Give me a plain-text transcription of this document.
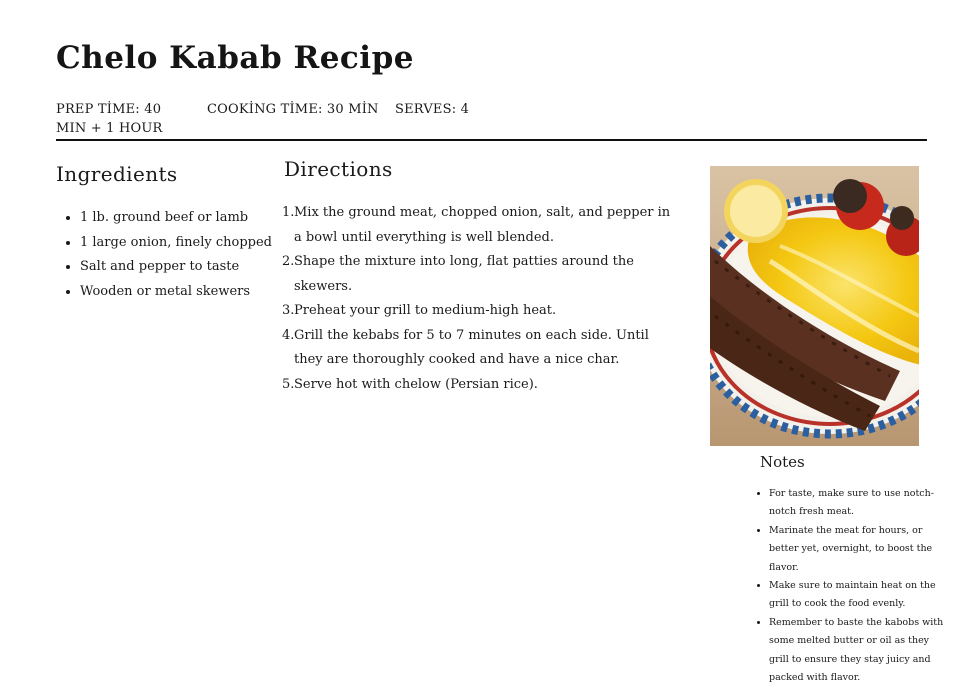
Chelo Kabab Recipe
PREP TİME: 40 MIN + 1 HOUR
COOKİNG TİME: 30 MİN SERVES: 4
Ingredients
• 1 lb. ground beef or lamb
• 1 large onion, finely chopped
• Salt and pepper to taste
• Wooden or metal skewers
Directions
1. Mix the ground meat, chopped onion, salt, and pepper in a bowl until everything is well blended.
2. Shape the mixture into long, flat patties around the skewers.
3. Preheat your grill to medium-high heat.
4. Grill the kebabs for 5 to 7 minutes on each side. Until they are thoroughly cooked and have a nice char.
5. Serve hot with chelow (Persian rice).
Notes
• For taste, make sure to use notch-notch fresh meat.
• Marinate the meat for hours, or better yet, overnight, to boost the flavor.
• Make sure to maintain heat on the grill to cook the food evenly.
• Remember to baste the kabobs with some melted butter or oil as they grill to ensure they stay juicy and packed with flavor.
